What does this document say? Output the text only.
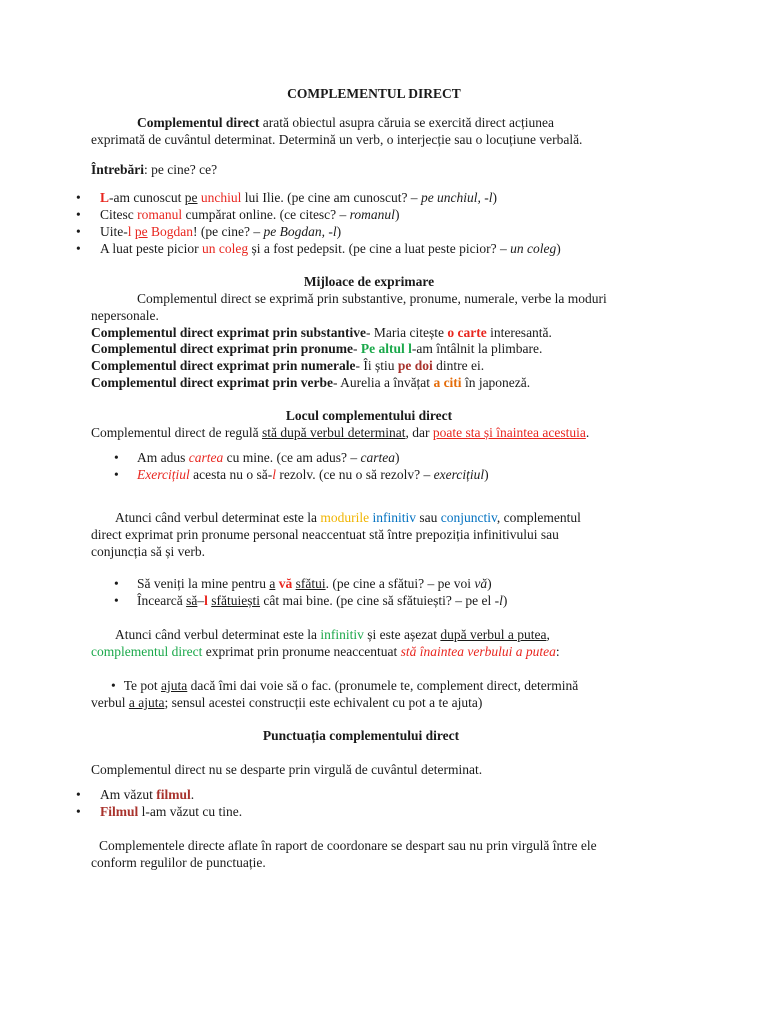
COMPLEMENTUL DIRECT
Complementul direct arată obiectul asupra căruia se exercită direct acțiunea
exprimată de cuvântul determinat. Determină un verb, o interjecție sau o locuțiune verbală.
Întrebări: pe cine? ce?
• L-am cunoscut pe unchiul lui Ilie. (pe cine am cunoscut? – pe unchiul, -l)
• Citesc romanul cumpărat online. (ce citesc? – romanul)
• Uite-l pe Bogdan! (pe cine? – pe Bogdan, -l)
• A luat peste picior un coleg și a fost pedepsit. (pe cine a luat peste picior? – un coleg)
Mijloace de exprimare
Complementul direct se exprimă prin substantive, pronume, numerale, verbe la moduri
nepersonale.
Complementul direct exprimat prin substantive- Maria citește o carte interesantă.
Complementul direct exprimat prin pronume- Pe altul l-am întâlnit la plimbare.
Complementul direct exprimat prin numerale- Îi știu pe doi dintre ei.
Complementul direct exprimat prin verbe- Aurelia a învățat a citi în japoneză.
Locul complementului direct
Complementul direct de regulă stă după verbul determinat, dar poate sta și înaintea acestuia.
• Am adus cartea cu mine. (ce am adus? – cartea)
• Exercițiul acesta nu o să-l rezolv. (ce nu o să rezolv? – exercițiul)
Atunci când verbul determinat este la modurile infinitiv sau conjunctiv, complementul
direct exprimat prin pronume personal neaccentuat stă între prepoziția infinitivului sau
conjuncția să și verb.
• Să veniți la mine pentru a vă sfătui. (pe cine a sfătui? – pe voi vă)
• Încearcă să–l sfătuiești cât mai bine. (pe cine să sfătuiești? – pe el -l)
Atunci când verbul determinat este la infinitiv și este așezat după verbul a putea,
complementul direct exprimat prin pronume neaccentuat stă înaintea verbului a putea:
• Te pot ajuta dacă îmi dai voie să o fac. (pronumele te, complement direct, determină
verbul a ajuta; sensul acestei construcții este echivalent cu pot a te ajuta)
Punctuația complementului direct
Complementul direct nu se desparte prin virgulă de cuvântul determinat.
• Am văzut filmul.
• Filmul l-am văzut cu tine.
Complementele directe aflate în raport de coordonare se despart sau nu prin virgulă între ele
conform regulilor de punctuație.
